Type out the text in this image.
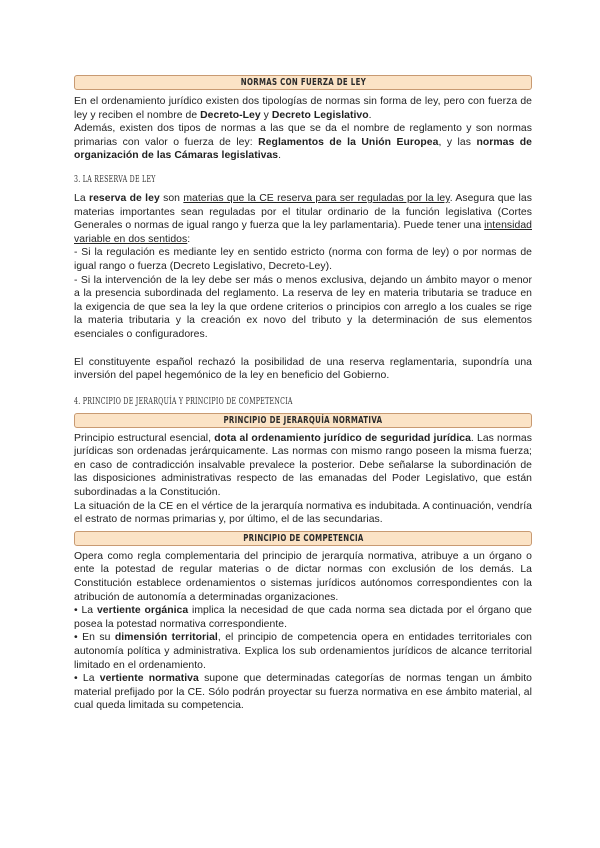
NORMAS CON FUERZA DE LEY

En el ordenamiento jurídico existen dos tipologías de normas sin forma de ley, pero con fuerza de ley y reciben el nombre de Decreto-Ley y Decreto Legislativo.

Además, existen dos tipos de normas a las que se da el nombre de reglamento y son normas primarias con valor o fuerza de ley: Reglamentos de la Unión Europea, y las normas de organización de las Cámaras legislativas.

3. LA RESERVA DE LEY

La reserva de ley son materias que la CE reserva para ser reguladas por la ley. Asegura que las materias importantes sean reguladas por el titular ordinario de la función legislativa (Cortes Generales o normas de igual rango y fuerza que la ley parlamentaria). Puede tener una intensidad variable en dos sentidos:

- Si la regulación es mediante ley en sentido estricto (norma con forma de ley) o por normas de igual rango o fuerza (Decreto Legislativo, Decreto-Ley).

- Si la intervención de la ley debe ser más o menos exclusiva, dejando un ámbito mayor o menor a la presencia subordinada del reglamento. La reserva de ley en materia tributaria se traduce en la exigencia de que sea la ley la que ordene criterios o principios con arreglo a los cuales se rige la materia tributaria y la creación ex novo del tributo y la determinación de sus elementos esenciales o configuradores.

El constituyente español rechazó la posibilidad de una reserva reglamentaria, supondría una inversión del papel hegemónico de la ley en beneficio del Gobierno.

4. PRINCIPIO DE JERARQUÍA Y PRINCIPIO DE COMPETENCIA
PRINCIPIO DE JERARQUÍA NORMATIVA

Principio estructural esencial, dota al ordenamiento jurídico de seguridad jurídica. Las normas jurídicas son ordenadas jerárquicamente. Las normas con mismo rango poseen la misma fuerza; en caso de contradicción insalvable prevalece la posterior. Debe señalarse la subordinación de las disposiciones administrativas respecto de las emanadas del Poder Legislativo, que están subordinadas a la Constitución.

La situación de la CE en el vértice de la jerarquía normativa es indubitada. A continuación, vendría el estrato de normas primarias y, por último, el de las secundarias.

PRINCIPIO DE COMPETENCIA

Opera como regla complementaria del principio de jerarquía normativa, atribuye a un órgano o ente la potestad de regular materias o de dictar normas con exclusión de los demás. La Constitución establece ordenamientos o sistemas jurídicos autónomos correspondientes con la atribución de autonomía a determinadas organizaciones.

• La vertiente orgánica implica la necesidad de que cada norma sea dictada por el órgano que posea la potestad normativa correspondiente.

• En su dimensión territorial, el principio de competencia opera en entidades territoriales con autonomía política y administrativa. Explica los sub ordenamientos jurídicos de alcance territorial limitado en el ordenamiento.

• La vertiente normativa supone que determinadas categorías de normas tengan un ámbito material prefijado por la CE. Sólo podrán proyectar su fuerza normativa en ese ámbito material, al cual queda limitada su competencia.
